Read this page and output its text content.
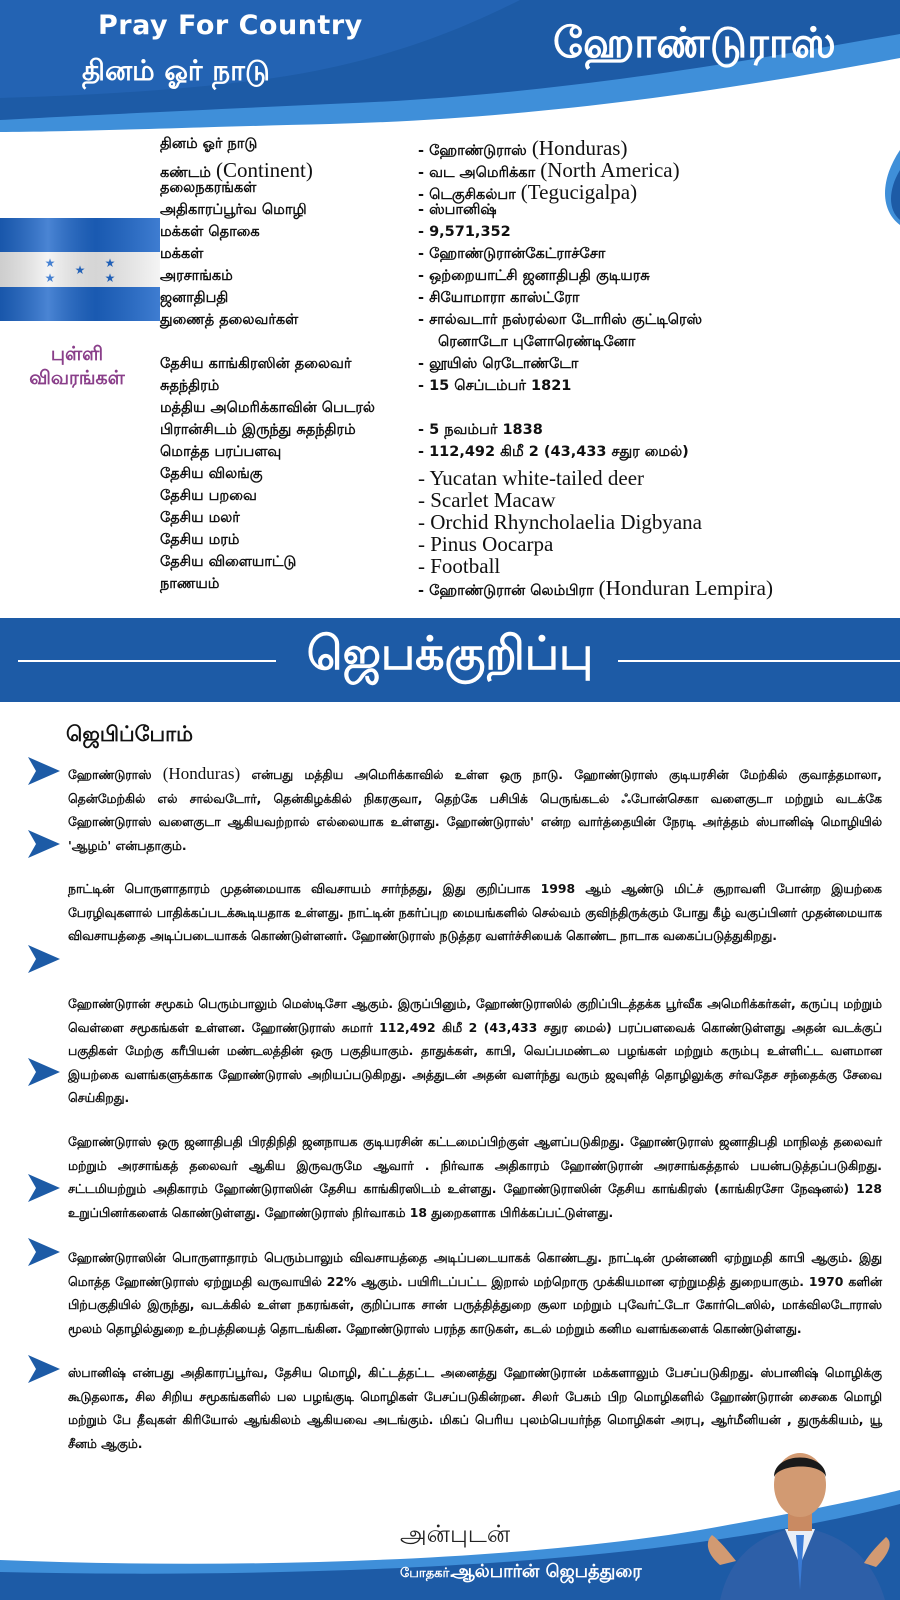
Pray For Country
தினம் ஓர் நாடு
ஹோண்டுராஸ்
புள்ளி
விவரங்கள்
தினம் ஓர் நாடு	- ஹோண்டுராஸ் (Honduras)
கண்டம் (Continent)	- வட அமெரிக்கா (North America)
தலைநகரங்கள்	- டெகுசிகல்பா (Tegucigalpa)
அதிகாரப்பூர்வ மொழி	- ஸ்பானிஷ்
மக்கள் தொகை	- 9,571,352
மக்கள்	- ஹோண்டுரான்கேட்ராச்சோ
அரசாங்கம்	- ஒற்றையாட்சி ஜனாதிபதி குடியரசு
ஜனாதிபதி	- சியோமாரா காஸ்ட்ரோ
துணைத் தலைவர்கள்	- சால்வடார் நஸ்ரல்லா டோரிஸ் குட்டிரெஸ்
ரெனாடோ புளோரெண்டினோ
தேசிய காங்கிரஸின் தலைவர்	- லூயிஸ் ரெடோண்டோ
சுதந்திரம்	- 15 செப்டம்பர் 1821
மத்திய அமெரிக்காவின் பெடரல்
பிரான்சிடம் இருந்து சுதந்திரம்	- 5 நவம்பர் 1838
மொத்த பரப்பளவு	- 112,492 கிமீ 2 (43,433 சதுர மைல்)
தேசிய விலங்கு	- Yucatan white-tailed deer
தேசிய பறவை	- Scarlet Macaw
தேசிய மலர்	- Orchid Rhyncholaelia Digbyana
தேசிய மரம்	- Pinus Oocarpa
தேசிய விளையாட்டு	- Football
நாணயம்	- ஹோண்டுரான் லெம்பிரா (Honduran Lempira)
ஜெபக்குறிப்பு
ஜெபிப்போம்
ஹோண்டுராஸ் (Honduras) என்பது மத்திய அமெரிக்காவில் உள்ள ஒரு நாடு. ஹோண்டுராஸ் குடியரசின் மேற்கில் குவாத்தமாலா, தென்மேற்கில் எல் சால்வடோர், தென்கிழக்கில் நிகரகுவா, தெற்கே பசிபிக் பெருங்கடல் ஃபோன்செகா வளைகுடா மற்றும் வடக்கே ஹோண்டுராஸ் வளைகுடா ஆகியவற்றால் எல்லையாக உள்ளது. ஹோண்டுராஸ்' என்ற வார்த்தையின் நேரடி அர்த்தம் ஸ்பானிஷ் மொழியில் 'ஆழம்' என்பதாகும்.
நாட்டின் பொருளாதாரம் முதன்மையாக விவசாயம் சார்ந்தது, இது குறிப்பாக 1998 ஆம் ஆண்டு மிட்ச் சூறாவளி போன்ற இயற்கை பேரழிவுகளால் பாதிக்கப்படக்கூடியதாக உள்ளது. நாட்டின் நகர்ப்புற மையங்களில் செல்வம் குவிந்திருக்கும் போது கீழ் வகுப்பினர் முதன்மையாக விவசாயத்தை அடிப்படையாகக் கொண்டுள்ளனர். ஹோண்டுராஸ் நடுத்தர வளர்ச்சியைக் கொண்ட நாடாக வகைப்படுத்துகிறது.
ஹோண்டுரான் சமூகம் பெரும்பாலும் மெஸ்டிசோ ஆகும். இருப்பினும், ஹோண்டுராஸில் குறிப்பிடத்தக்க பூர்வீக அமெரிக்கர்கள், கருப்பு மற்றும் வெள்ளை சமூகங்கள் உள்ளன. ஹோண்டுராஸ் சுமார் 112,492 கிமீ 2 (43,433 சதுர மைல்) பரப்பளவைக் கொண்டுள்ளது அதன் வடக்குப் பகுதிகள் மேற்கு கரீபியன் மண்டலத்தின் ஒரு பகுதியாகும். தாதுக்கள், காபி, வெப்பமண்டல பழங்கள் மற்றும் கரும்பு உள்ளிட்ட வளமான இயற்கை வளங்களுக்காக ஹோண்டுராஸ் அறியப்படுகிறது. அத்துடன் அதன் வளர்ந்து வரும் ஜவுளித் தொழிலுக்கு சர்வதேச சந்தைக்கு சேவை செய்கிறது.
ஹோண்டுராஸ் ஒரு ஜனாதிபதி பிரதிநிதி ஜனநாயக குடியரசின் கட்டமைப்பிற்குள் ஆளப்படுகிறது. ஹோண்டுராஸ் ஜனாதிபதி மாநிலத் தலைவர் மற்றும் அரசாங்கத் தலைவர் ஆகிய இருவருமே ஆவார் . நிர்வாக அதிகாரம் ஹோண்டுரான் அரசாங்கத்தால் பயன்படுத்தப்படுகிறது. சட்டமியற்றும் அதிகாரம் ஹோண்டுராஸின் தேசிய காங்கிரஸிடம் உள்ளது. ஹோண்டுராஸின் தேசிய காங்கிரஸ் (காங்கிரசோ நேஷனல்) 128 உறுப்பினர்களைக் கொண்டுள்ளது. ஹோண்டுராஸ் நிர்வாகம் 18 துறைகளாக பிரிக்கப்பட்டுள்ளது.
ஹோண்டுராஸின் பொருளாதாரம் பெரும்பாலும் விவசாயத்தை அடிப்படையாகக் கொண்டது. நாட்டின் முன்னணி ஏற்றுமதி காபி ஆகும். இது மொத்த ஹோண்டுராஸ் ஏற்றுமதி வருவாயில் 22% ஆகும். பயிரிடப்பட்ட இறால் மற்றொரு முக்கியமான ஏற்றுமதித் துறையாகும். 1970 களின் பிற்பகுதியில் இருந்து, வடக்கில் உள்ள நகரங்கள், குறிப்பாக சான் பருத்தித்துறை சூலா மற்றும் புவேர்ட்டோ கோர்டெஸில், மாக்விலடோராஸ் மூலம் தொழில்துறை உற்பத்தியைத் தொடங்கின. ஹோண்டுராஸ் பரந்த காடுகள், கடல் மற்றும் கனிம வளங்களைக் கொண்டுள்ளது.
ஸ்பானிஷ் என்பது அதிகாரப்பூர்வ, தேசிய மொழி, கிட்டத்தட்ட அனைத்து ஹோண்டுரான் மக்களாலும் பேசப்படுகிறது. ஸ்பானிஷ் மொழிக்கு கூடுதலாக, சில சிறிய சமூகங்களில் பல பழங்குடி மொழிகள் பேசப்படுகின்றன. சிலர் பேசும் பிற மொழிகளில் ஹோண்டுரான் சைகை மொழி மற்றும் பே தீவுகள் கிரியோல் ஆங்கிலம் ஆகியவை அடங்கும். மிகப் பெரிய புலம்பெயர்ந்த மொழிகள் அரபு, ஆர்மீனியன் , துருக்கியம், யூ சீனம் ஆகும்.
அன்புடன்
போதகர்.
ஆல்பார்ன் ஜெபத்துரை
